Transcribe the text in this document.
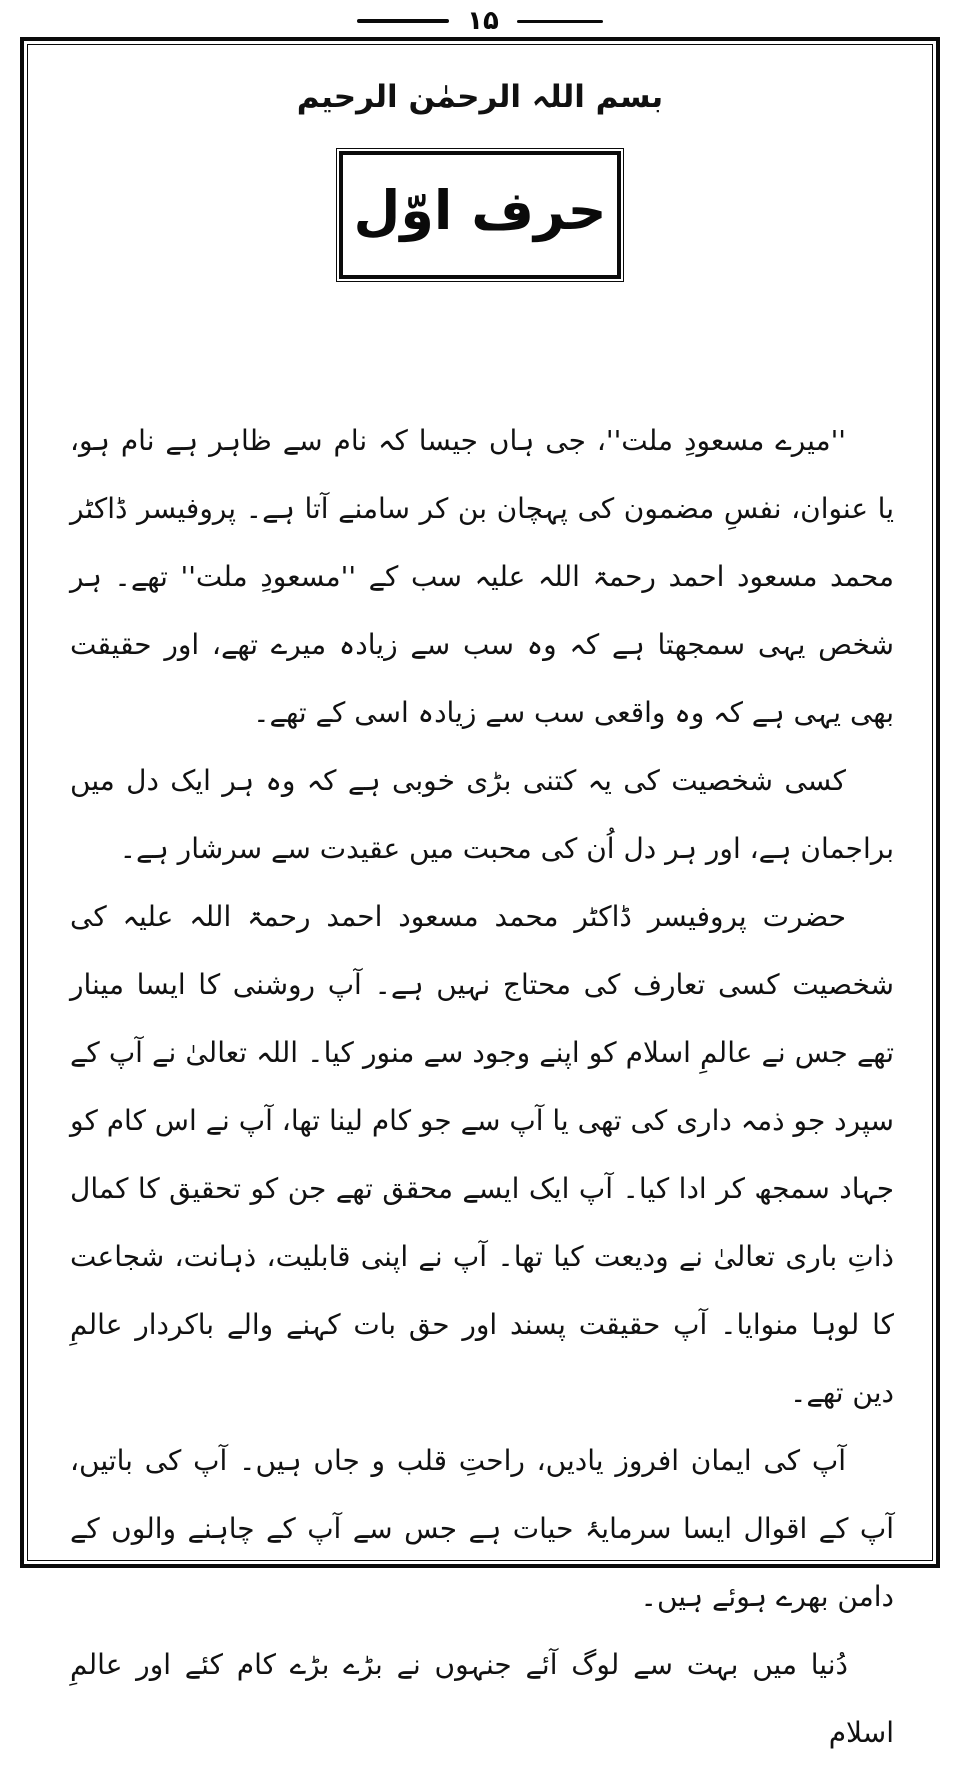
۱۵
بسم اللہ الرحمٰن الرحیم
حرف اوّل

''میرے مسعودِ ملت''، جی ہاں جیسا کہ نام سے ظاہر ہے نام ہو، یا عنوان، نفسِ مضمون کی پہچان بن کر سامنے آتا ہے۔ پروفیسر ڈاکٹر محمد مسعود احمد رحمۃ اللہ علیہ سب کے ''مسعودِ ملت'' تھے۔ ہر شخص یہی سمجھتا ہے کہ وہ سب سے زیادہ میرے تھے، اور حقیقت بھی یہی ہے کہ وہ واقعی سب سے زیادہ اسی کے تھے۔

کسی شخصیت کی یہ کتنی بڑی خوبی ہے کہ وہ ہر ایک دل میں براجمان ہے، اور ہر دل اُن کی محبت میں عقیدت سے سرشار ہے۔

حضرت پروفیسر ڈاکٹر محمد مسعود احمد رحمۃ اللہ علیہ کی شخصیت کسی تعارف کی محتاج نہیں ہے۔ آپ روشنی کا ایسا مینار تھے جس نے عالمِ اسلام کو اپنے وجود سے منور کیا۔ اللہ تعالیٰ نے آپ کے سپرد جو ذمہ داری کی تھی یا آپ سے جو کام لینا تھا، آپ نے اس کام کو جہاد سمجھ کر ادا کیا۔ آپ ایک ایسے محقق تھے جن کو تحقیق کا کمال ذاتِ باری تعالیٰ نے ودیعت کیا تھا۔ آپ نے اپنی قابلیت، ذہانت، شجاعت کا لوہا منوایا۔ آپ حقیقت پسند اور حق بات کہنے والے باکردار عالمِ دین تھے۔

آپ کی ایمان افروز یادیں، راحتِ قلب و جاں ہیں۔ آپ کی باتیں، آپ کے اقوال ایسا سرمایۂ حیات ہے جس سے آپ کے چاہنے والوں کے دامن بھرے ہوئے ہیں۔

دُنیا میں بہت سے لوگ آئے جنہوں نے بڑے بڑے کام کئے اور عالمِ اسلام
